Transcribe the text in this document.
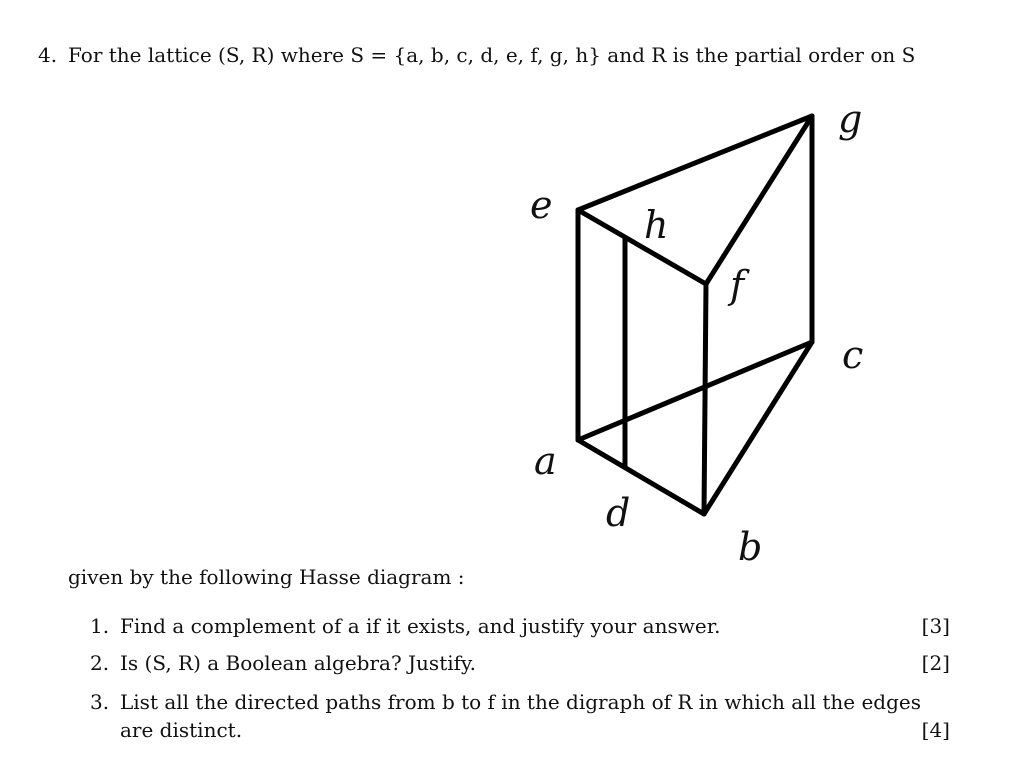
4. For the lattice (S, R) where S = {a, b, c, d, e, f, g, h} and R is the partial order on S
g
e h
f
c
a
d
b
given by the following Hasse diagram :
1. Find a complement of a if it exists, and justify your answer.	[3]
2. Is (S, R) a Boolean algebra? Justify.	[2]
3. List all the directed paths from b to f in the digraph of R in which all the edges
are distinct.	[4]
